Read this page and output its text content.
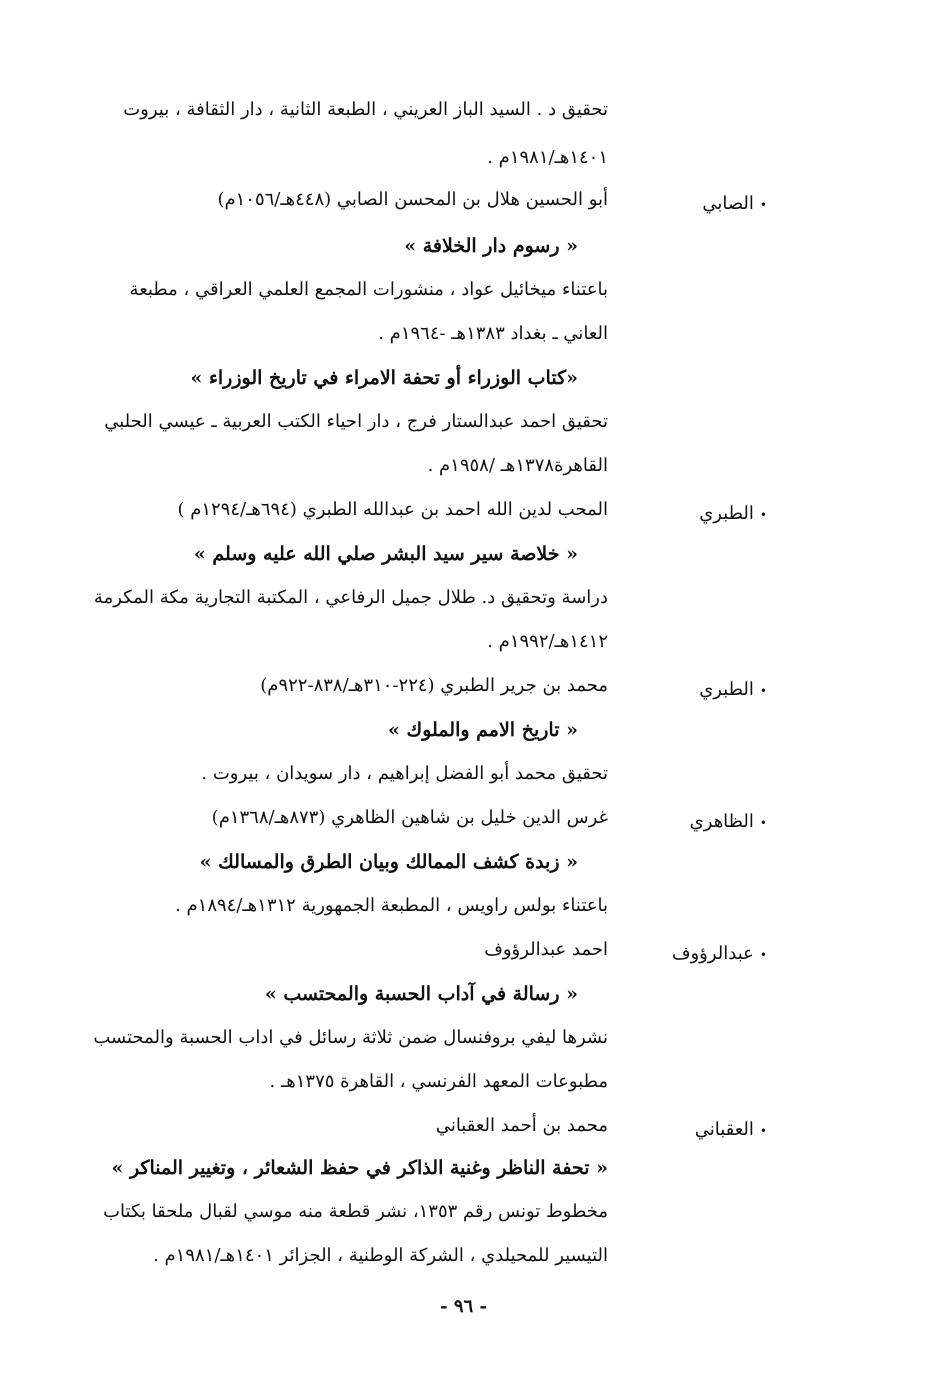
تحقيق د . السيد الباز العريني ، الطبعة الثانية ، دار الثقافة ، بيروت
١٤٠١هـ/١٩٨١م .
•الصابي
أبو الحسين هلال بن المحسن الصابي (٤٤٨هـ/١٠٥٦م)
« رسوم دار الخلافة »
باعتناء ميخائيل عواد ، منشورات المجمع العلمي العراقي ، مطبعة
العاني ـ بغداد ١٣٨٣هـ -١٩٦٤م .
«كتاب الوزراء أو تحفة الامراء في تاريخ الوزراء »
تحقيق احمد عبدالستار فرج ، دار احياء الكتب العربية ـ عيسي الحلبي
القاهرة١٣٧٨هـ /١٩٥٨م .
•الطبري
المحب لدين الله احمد بن عبدالله الطبري (٦٩٤هـ/١٢٩٤م )
« خلاصة سير سيد البشر صلي الله عليه وسلم »
دراسة وتحقيق د. طلال جميل الرفاعي ، المكتبة التجارية مكة المكرمة
١٤١٢هـ/١٩٩٢م .
•الطبري
محمد بن جرير الطبري (٢٢٤-٣١٠هـ/٨٣٨-٩٢٢م)
« تاريخ الامم والملوك »
تحقيق محمد أبو الفضل إبراهيم ، دار سويدان ، بيروت .
•الظاهري
غرس الدين خليل بن شاهين الظاهري (٨٧٣هـ/١٣٦٨م)
« زبدة كشف الممالك وبيان الطرق والمسالك »
باعتناء بولس راويس ، المطبعة الجمهورية ١٣١٢هـ/١٨٩٤م .
•عبدالرؤوف
احمد عبدالرؤوف
« رسالة في آداب الحسبة والمحتسب »
نشرها ليفي بروفنسال ضمن ثلاثة رسائل في اداب الحسبة والمحتسب
مطبوعات المعهد الفرنسي ، القاهرة ١٣٧٥هـ .
•العقباني
محمد بن أحمد العقباني
« تحفة الناظر وغنية الذاكر في حفظ الشعائر ، وتغيير المناكر »
مخطوط تونس رقم ١٣٥٣، نشر قطعة منه موسي لقبال ملحقا بكتاب
التيسير للمحيلدي ، الشركة الوطنية ، الجزائر ١٤٠١هـ/١٩٨١م .
- ٩٦ -
